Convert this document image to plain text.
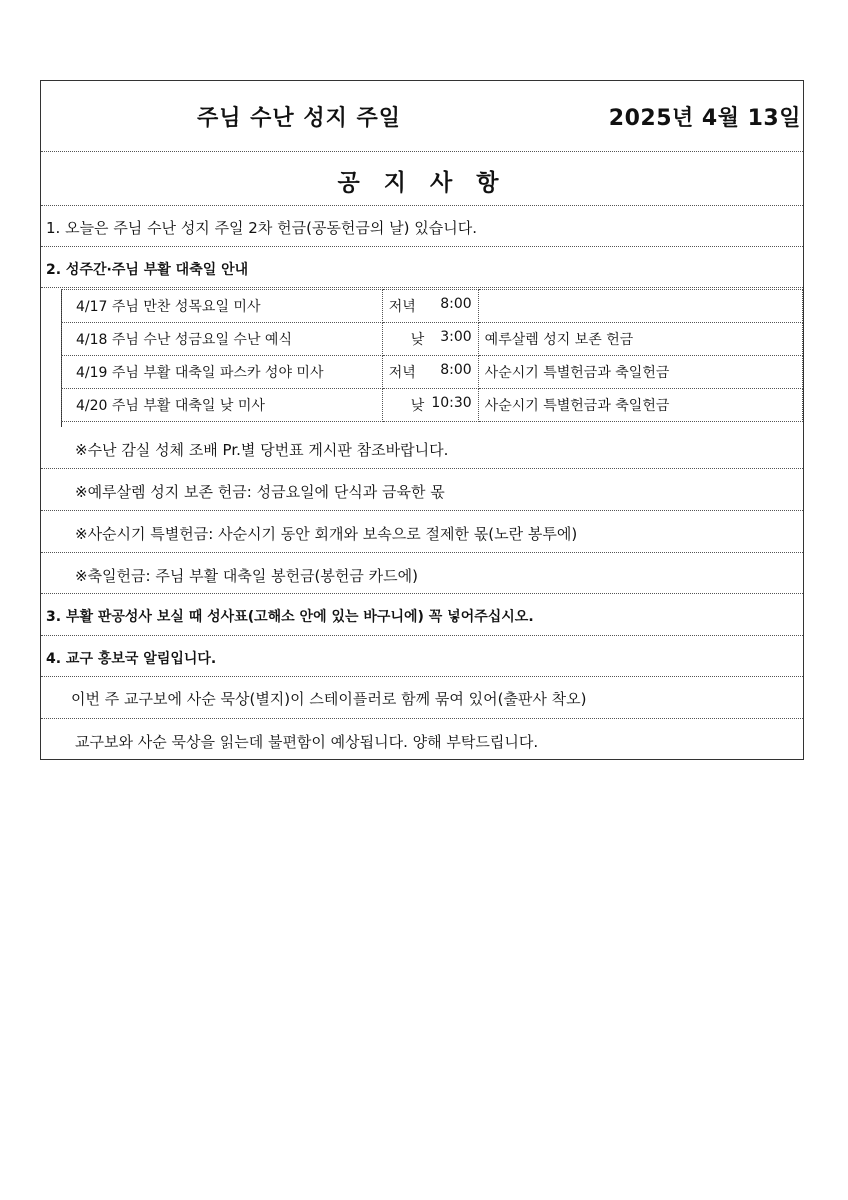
주님 수난 성지 주일	2025년 4월 13일
공 지 사 항
1. 오늘은 주님 수난 성지 주일 2차 헌금(공동헌금의 날) 있습니다.
2. 성주간·주님 부활 대축일 안내
4/17 주님 만찬 성목요일 미사	저녁 8:00	

4/18 주님 수난 성금요일 수난 예식	낮 3:00	예루살렘 성지 보존 헌금
4/19 주님 부활 대축일 파스카 성야 미사	저녁 8:00	사순시기 특별헌금과 축일헌금
4/20 주님 부활 대축일 낮 미사	낮 10:30	사순시기 특별헌금과 축일헌금
※수난 감실 성체 조배 Pr.별 당번표 게시판 참조바랍니다.
※예루살렘 성지 보존 헌금: 성금요일에 단식과 금육한 몫
※사순시기 특별헌금: 사순시기 동안 회개와 보속으로 절제한 몫(노란 봉투에)
※축일헌금: 주님 부활 대축일 봉헌금(봉헌금 카드에)
3. 부활 판공성사 보실 때 성사표(고해소 안에 있는 바구니에) 꼭 넣어주십시오.
4. 교구 홍보국 알림입니다.
이번 주 교구보에 사순 묵상(별지)이 스테이플러로 함께 묶여 있어(출판사 착오)
교구보와 사순 묵상을 읽는데 불편함이 예상됩니다. 양해 부탁드립니다.
